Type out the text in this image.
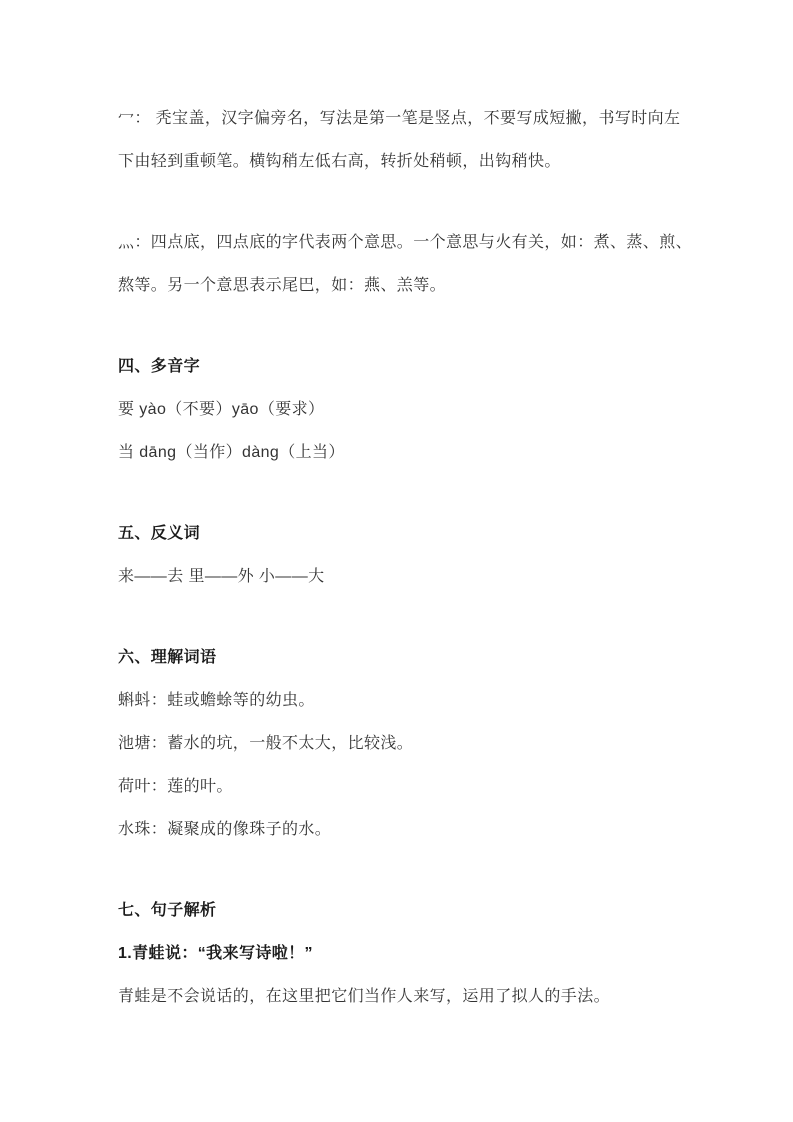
冖： 秃宝盖，汉字偏旁名，写法是第一笔是竖点，不要写成短撇，书写时向左
下由轻到重顿笔。横钩稍左低右高，转折处稍顿，出钩稍快。
灬：四点底，四点底的字代表两个意思。一个意思与火有关，如：煮、蒸、煎、
熬等。另一个意思表示尾巴，如：燕、羔等。
四、多音字
要 yào（不要）yāo（要求）
当 dāng（当作）dàng（上当）
五、反义词
来——去 里——外 小——大
六、理解词语
蝌蚪：蛙或蟾蜍等的幼虫。
池塘：蓄水的坑，一般不太大，比较浅。
荷叶：莲的叶。
水珠：凝聚成的像珠子的水。
七、句子解析
1.青蛙说：“我来写诗啦！”
青蛙是不会说话的，在这里把它们当作人来写，运用了拟人的手法。
